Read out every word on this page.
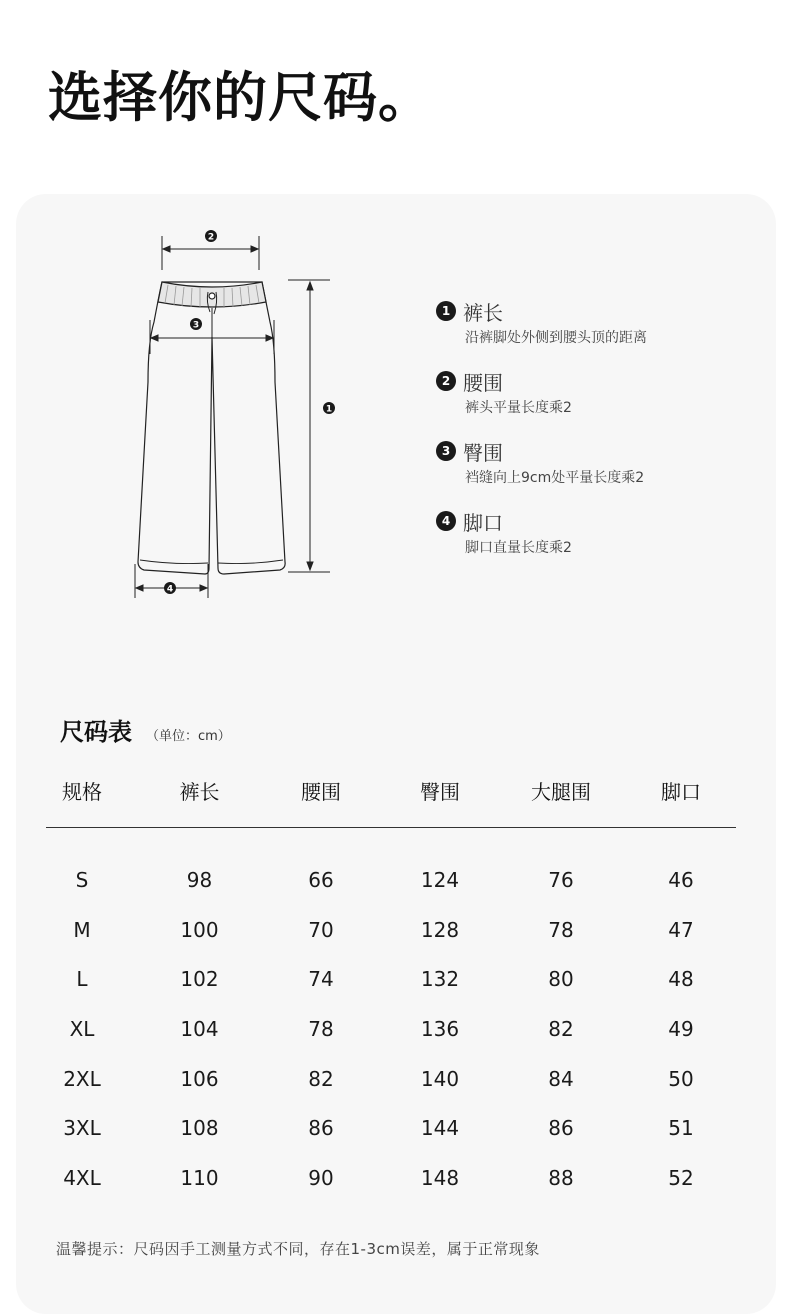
选择你的尺码。
2
3
1
4
1 裤长
沿裤脚处外侧到腰头顶的距离
2 腰围
裤头平量长度乘2
3 臀围
裆缝向上9cm处平量长度乘2
4 脚口
脚口直量长度乘2
尺码表 （单位：cm）
规格	裤长	腰围	臀围	大腿围	脚口
S	98	66	124	76	46
M	100	70	128	78	47
L	102	74	132	80	48
XL	104	78	136	82	49
2XL	106	82	140	84	50
3XL	108	86	144	86	51
4XL	110	90	148	88	52
温馨提示：尺码因手工测量方式不同，存在1-3cm误差，属于正常现象
